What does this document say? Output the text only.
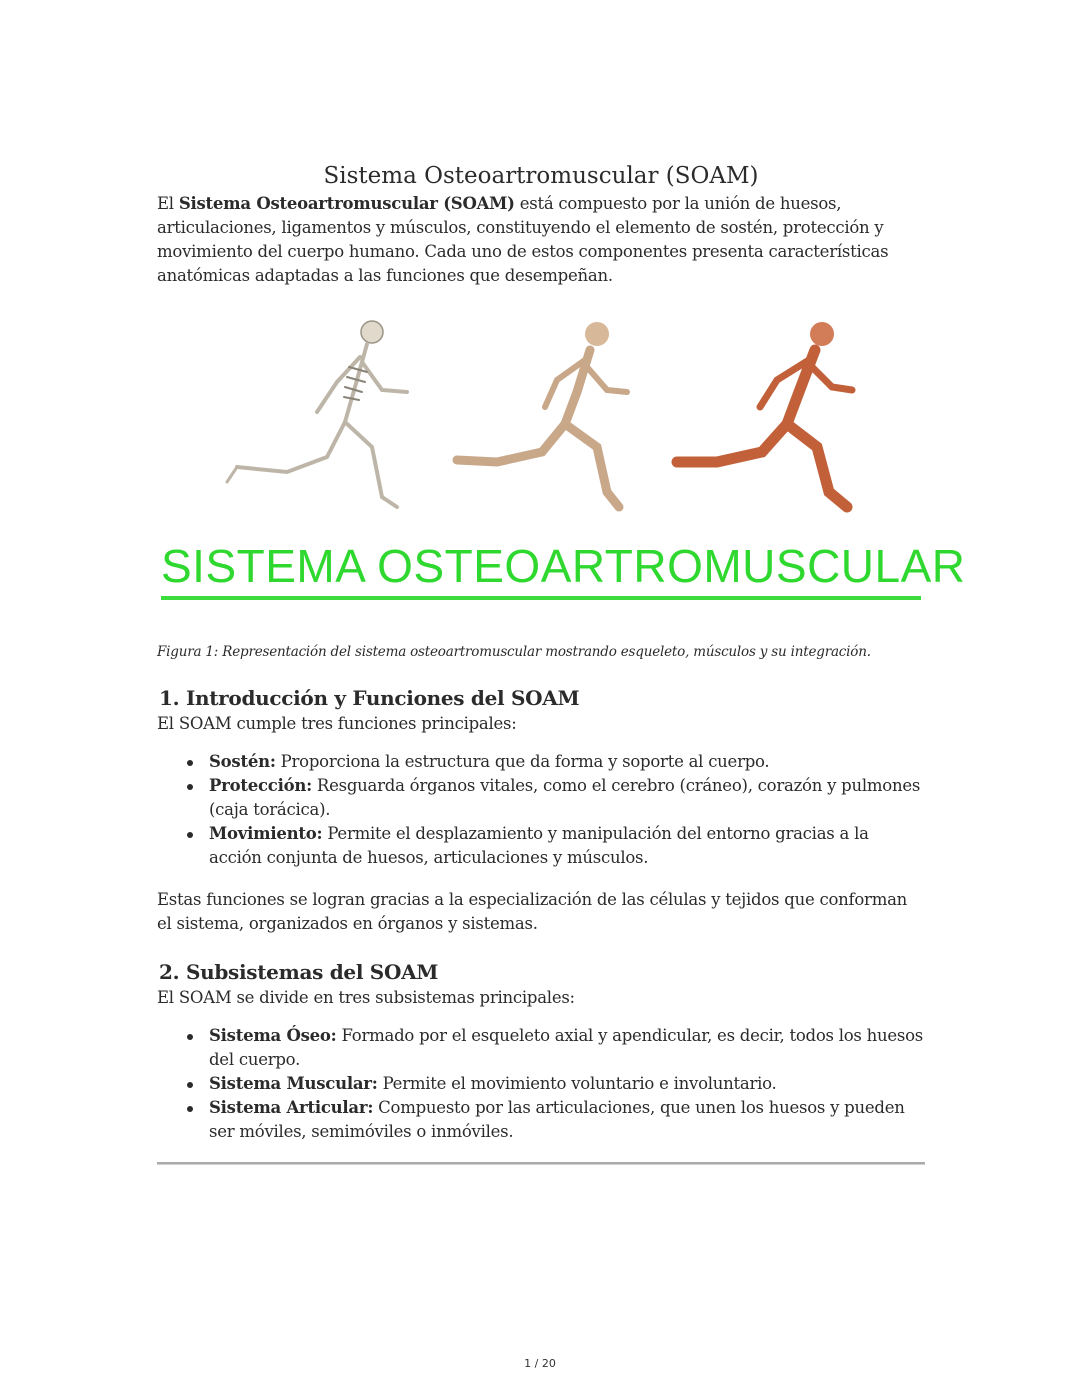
Sistema Osteoartromuscular (SOAM)

El Sistema Osteoartromuscular (SOAM) está compuesto por la unión de huesos, articulaciones, ligamentos y músculos, constituyendo el elemento de sostén, protección y movimiento del cuerpo humano. Cada uno de estos componentes presenta características anatómicas adaptadas a las funciones que desempeñan.

SISTEMA OSTEOARTROMUSCULAR

Figura 1: Representación del sistema osteoartromuscular mostrando esqueleto, músculos y su integración.

1. Introducción y Funciones del SOAM

El SOAM cumple tres funciones principales:

Sostén: Proporciona la estructura que da forma y soporte al cuerpo.
Protección: Resguarda órganos vitales, como el cerebro (cráneo), corazón y pulmones (caja torácica).
Movimiento: Permite el desplazamiento y manipulación del entorno gracias a la acción conjunta de huesos, articulaciones y músculos.

Estas funciones se logran gracias a la especialización de las células y tejidos que conforman el sistema, organizados en órganos y sistemas.

2. Subsistemas del SOAM

El SOAM se divide en tres subsistemas principales:

Sistema Óseo: Formado por el esqueleto axial y apendicular, es decir, todos los huesos del cuerpo.
Sistema Muscular: Permite el movimiento voluntario e involuntario.
Sistema Articular: Compuesto por las articulaciones, que unen los huesos y pueden ser móviles, semimóviles o inmóviles.
1 / 20
